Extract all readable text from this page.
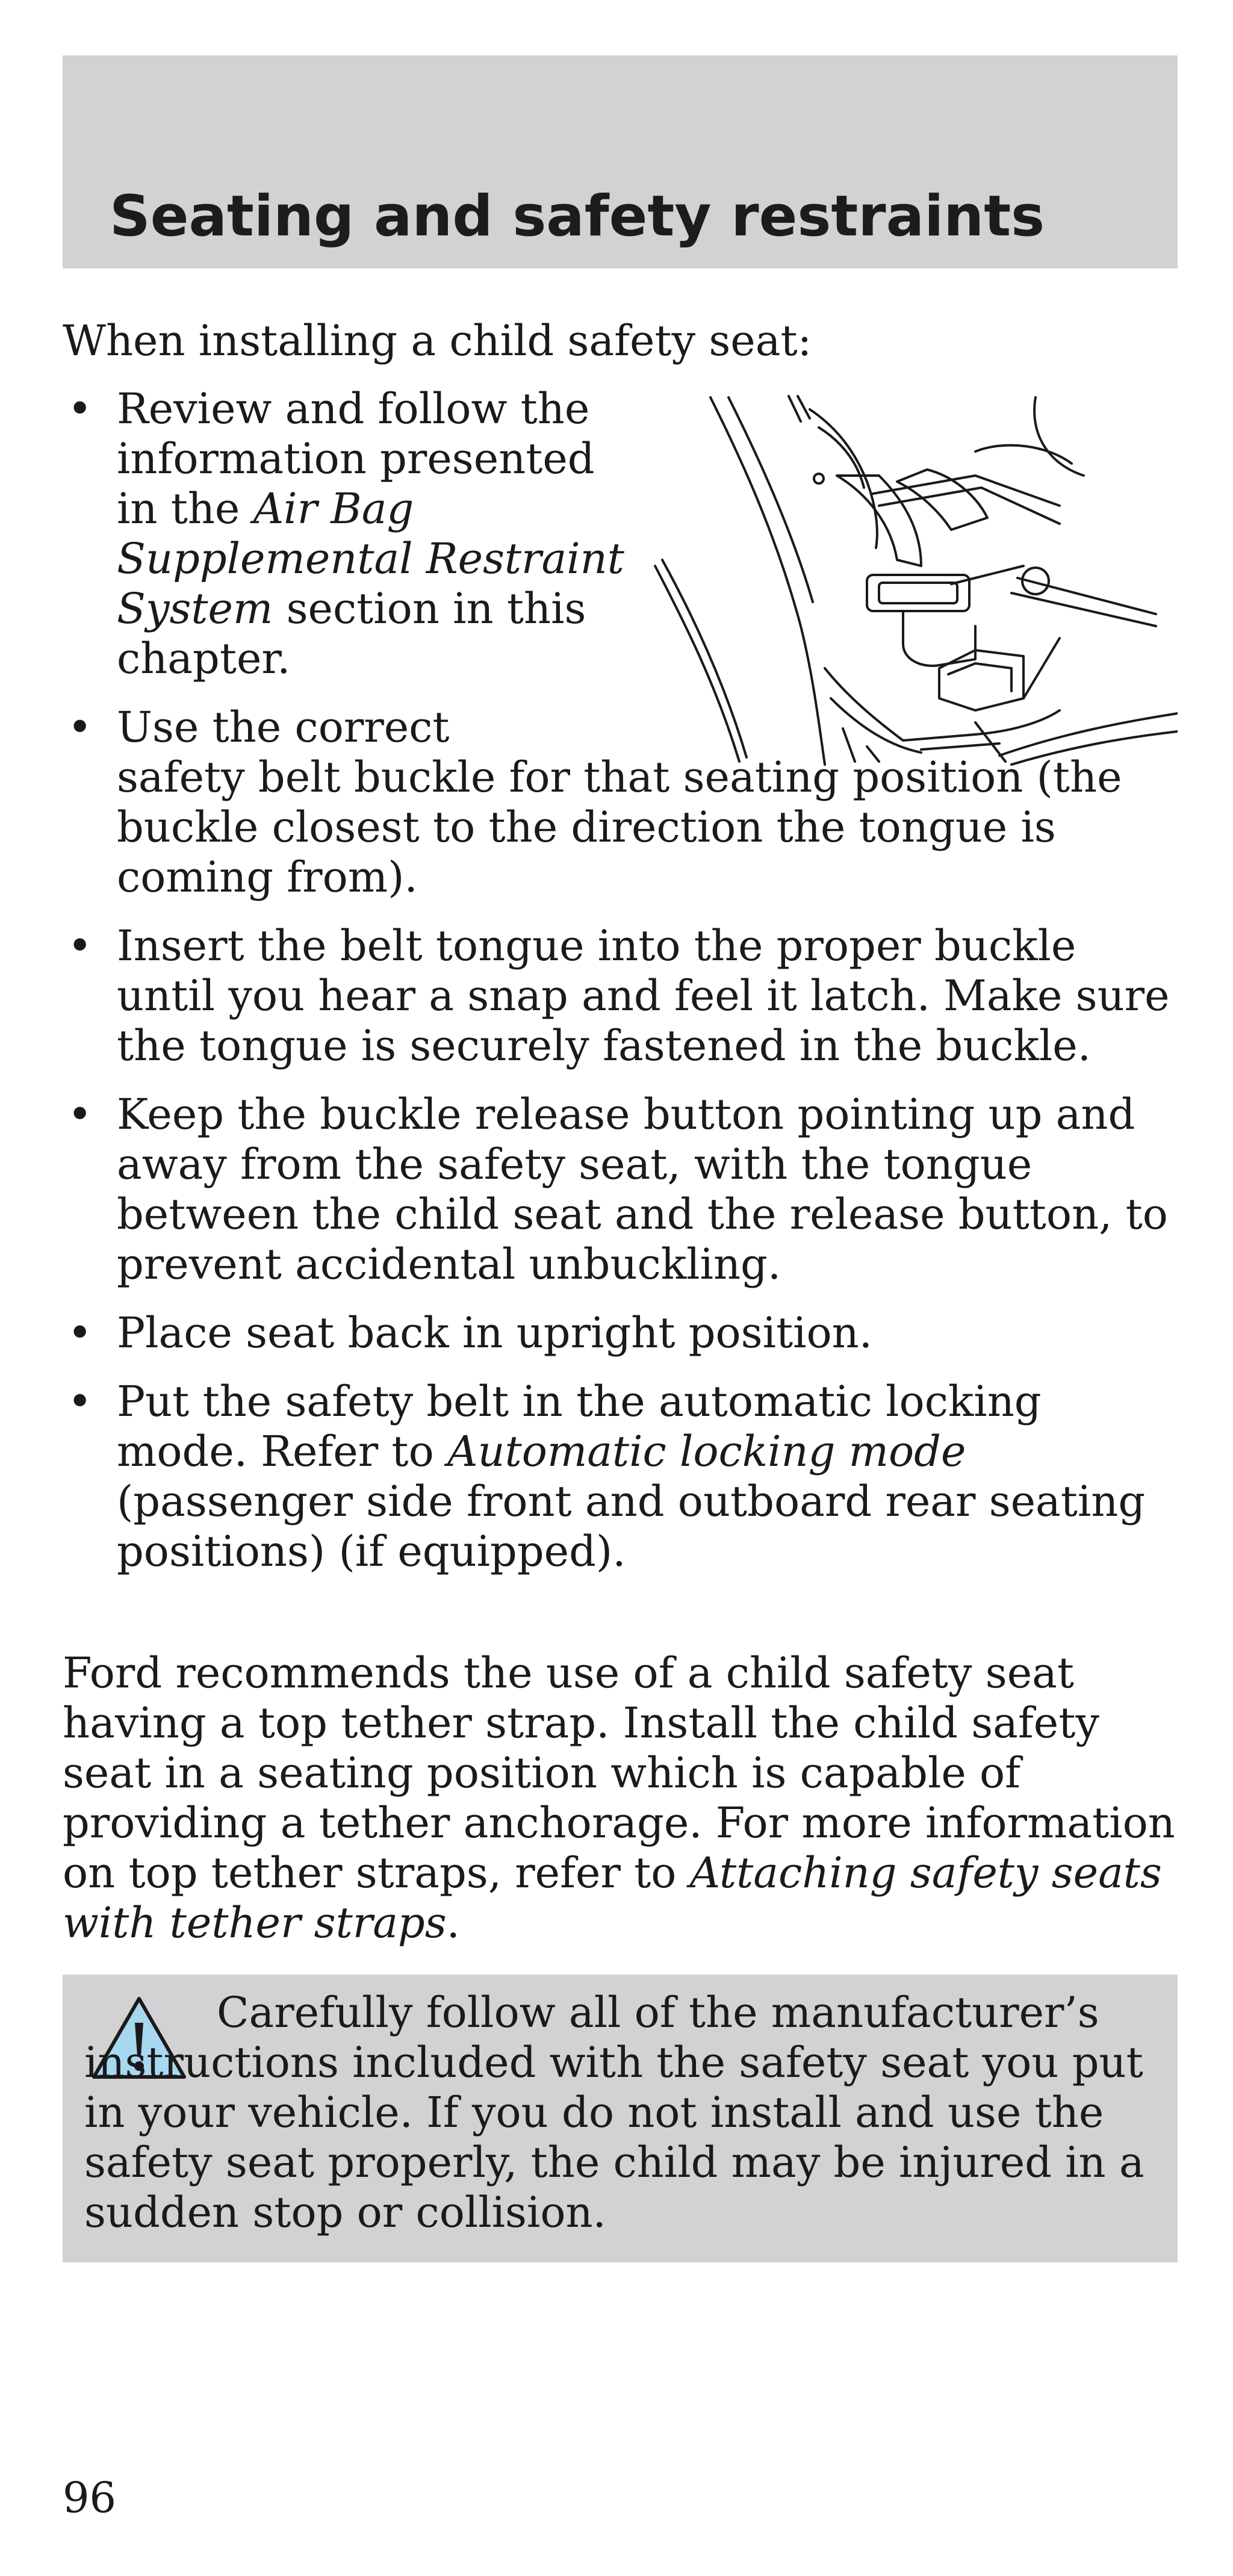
Seating and safety restraints
When installing a child safety seat:
• Review and follow the information presented in the Air Bag Supplemental Restraint System section in this chapter.
• Use the correct
safety belt buckle for that seating position (the buckle closest to the direction the tongue is coming from).
• Insert the belt tongue into the proper buckle until you hear a snap and feel it latch. Make sure the tongue is securely fastened in the buckle.
• Keep the buckle release button pointing up and away from the safety seat, with the tongue between the child seat and the release button, to prevent accidental unbuckling.
• Place seat back in upright position.
• Put the safety belt in the automatic locking mode. Refer to Automatic locking mode (passenger side front and outboard rear seating positions) (if equipped).
Ford recommends the use of a child safety seat having a top tether strap. Install the child safety seat in a seating position which is capable of providing a tether anchorage. For more information on top tether straps, refer to Attaching safety seats with tether straps.
Carefully follow all of the manufacturer’s instructions included with the safety seat you put in your vehicle. If you do not install and use the safety seat properly, the child may be injured in a sudden stop or collision.
96
